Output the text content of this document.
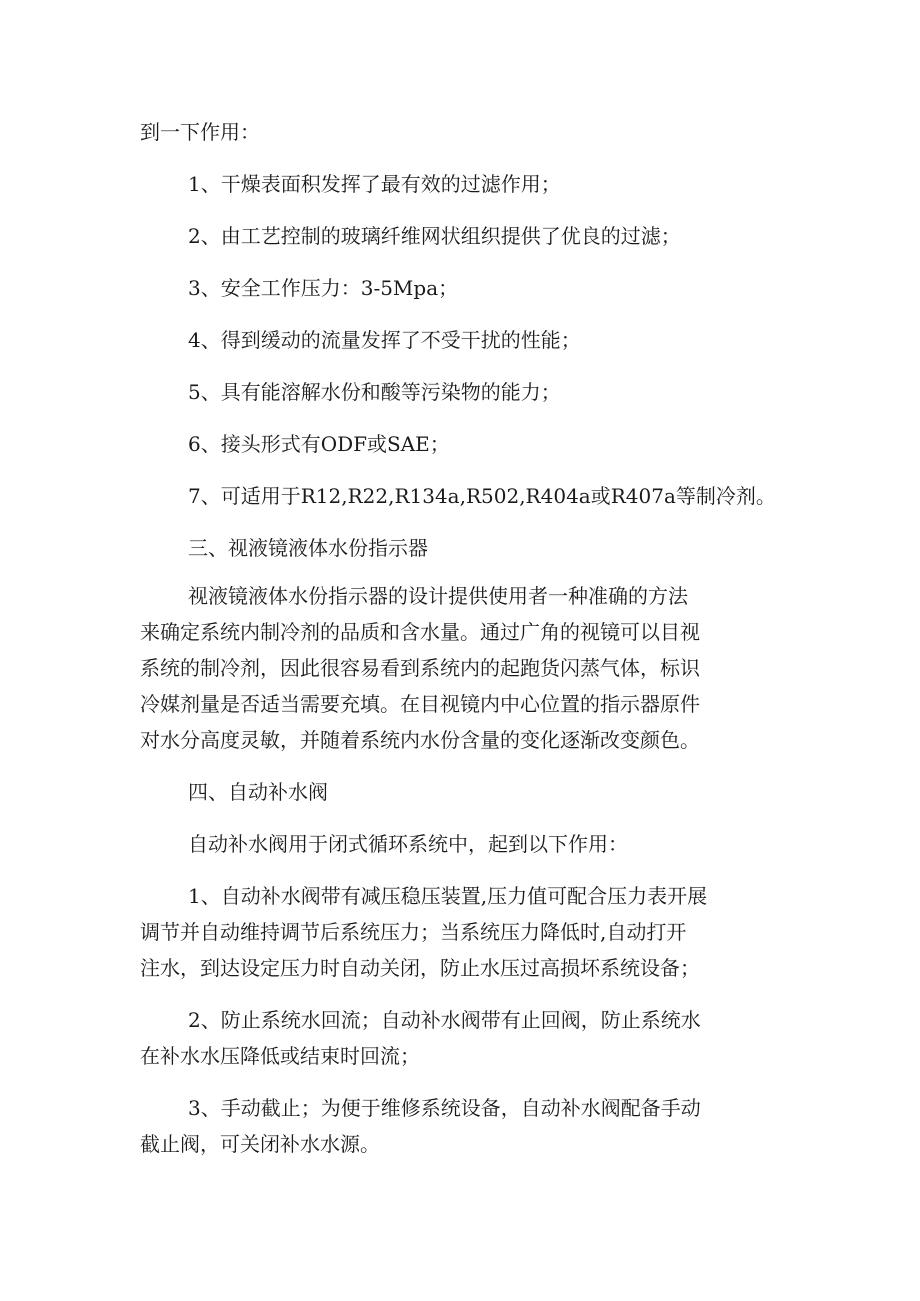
到一下作用：
1、干燥表面积发挥了最有效的过滤作用；
2、由工艺控制的玻璃纤维网状组织提供了优良的过滤；
3、安全工作压力：3-5Mpa；
4、得到缓动的流量发挥了不受干扰的性能；
5、具有能溶解水份和酸等污染物的能力；
6、接头形式有ODF或SAE；
7、可适用于R12,R22,R134a,R502,R404a或R407a等制冷剂。
三、视液镜液体水份指示器
视液镜液体水份指示器的设计提供使用者一种准确的方法
来确定系统内制冷剂的品质和含水量。通过广角的视镜可以目视
系统的制冷剂，因此很容易看到系统内的起跑货闪蒸气体，标识
冷媒剂量是否适当需要充填。在目视镜内中心位置的指示器原件
对水分高度灵敏，并随着系统内水份含量的变化逐渐改变颜色。
四、自动补水阀
自动补水阀用于闭式循环系统中，起到以下作用：
1、自动补水阀带有减压稳压装置,压力值可配合压力表开展
调节并自动维持调节后系统压力；当系统压力降低时,自动打开
注水，到达设定压力时自动关闭，防止水压过高损坏系统设备；
2、防止系统水回流；自动补水阀带有止回阀，防止系统水
在补水水压降低或结束时回流；
3、手动截止；为便于维修系统设备，自动补水阀配备手动
截止阀，可关闭补水水源。
